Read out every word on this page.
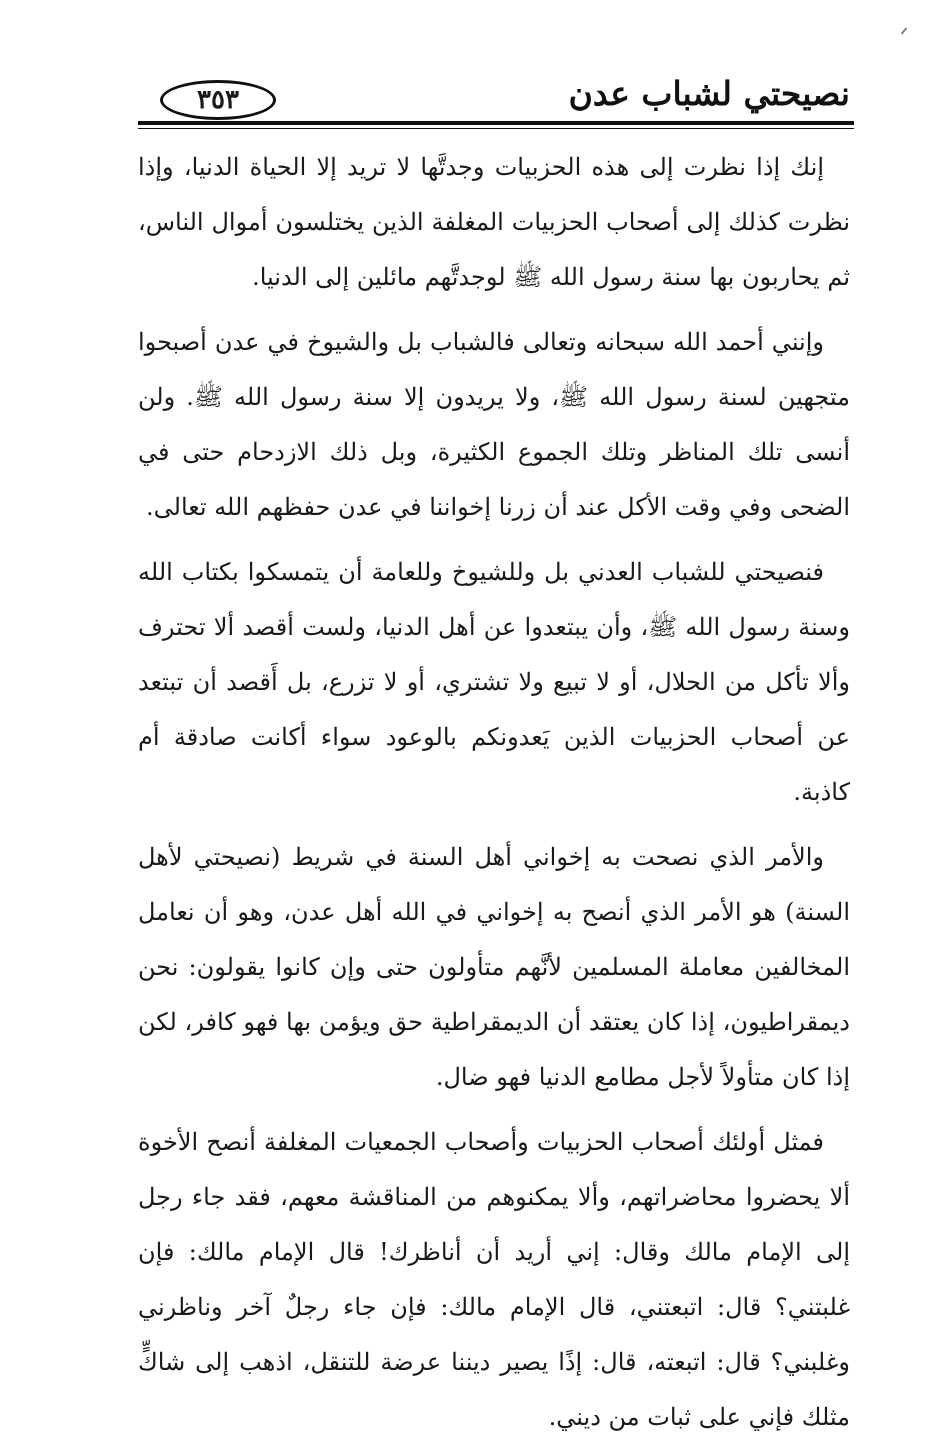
نصيحتي لشباب عدن
٣٥٣

إنك إذا نظرت إلى هذه الحزبيات وجدتَّها لا تريد إلا الحياة الدنيا، وإذا نظرت كذلك إلى أصحاب الحزبيات المغلفة الذين يختلسون أموال الناس، ثم يحاربون بها سنة رسول الله ﷺ لوجدتَّهم مائلين إلى الدنيا.

وإنني أحمد الله سبحانه وتعالى فالشباب بل والشيوخ في عدن أصبحوا متجهين لسنة رسول الله ﷺ، ولا يريدون إلا سنة رسول الله ﷺ. ولن أنسى تلك المناظر وتلك الجموع الكثيرة، وبل ذلك الازدحام حتى في الضحى وفي وقت الأكل عند أن زرنا إخواننا في عدن حفظهم الله تعالى.

فنصيحتي للشباب العدني بل وللشيوخ وللعامة أن يتمسكوا بكتاب الله وسنة رسول الله ﷺ، وأن يبتعدوا عن أهل الدنيا، ولست أقصد ألا تحترف وألا تأكل من الحلال، أو لا تبيع ولا تشتري، أو لا تزرع، بل أَقصد أن تبتعد عن أصحاب الحزبيات الذين يَعدونكم بالوعود سواء أكانت صادقة أم كاذبة.

والأمر الذي نصحت به إخواني أهل السنة في شريط (نصيحتي لأهل السنة) هو الأمر الذي أنصح به إخواني في الله أهل عدن، وهو أن نعامل المخالفين معاملة المسلمين لأنَّهم متأولون حتى وإن كانوا يقولون: نحن ديمقراطيون، إذا كان يعتقد أن الديمقراطية حق ويؤمن بها فهو كافر، لكن إذا كان متأولاً لأجل مطامع الدنيا فهو ضال.

فمثل أولئك أصحاب الحزبيات وأصحاب الجمعيات المغلفة أنصح الأخوة ألا يحضروا محاضراتهم، وألا يمكنوهم من المناقشة معهم، فقد جاء رجل إلى الإمام مالك وقال: إني أريد أن أناظرك! قال الإمام مالك: فإن غلبتني؟ قال: اتبعتني، قال الإمام مالك: فإن جاء رجلٌ آخر وناظرني وغلبني؟ قال: اتبعته، قال: إذًا يصير ديننا عرضة للتنقل، اذهب إلى شاكٍّ مثلك فإني على ثبات من ديني.
